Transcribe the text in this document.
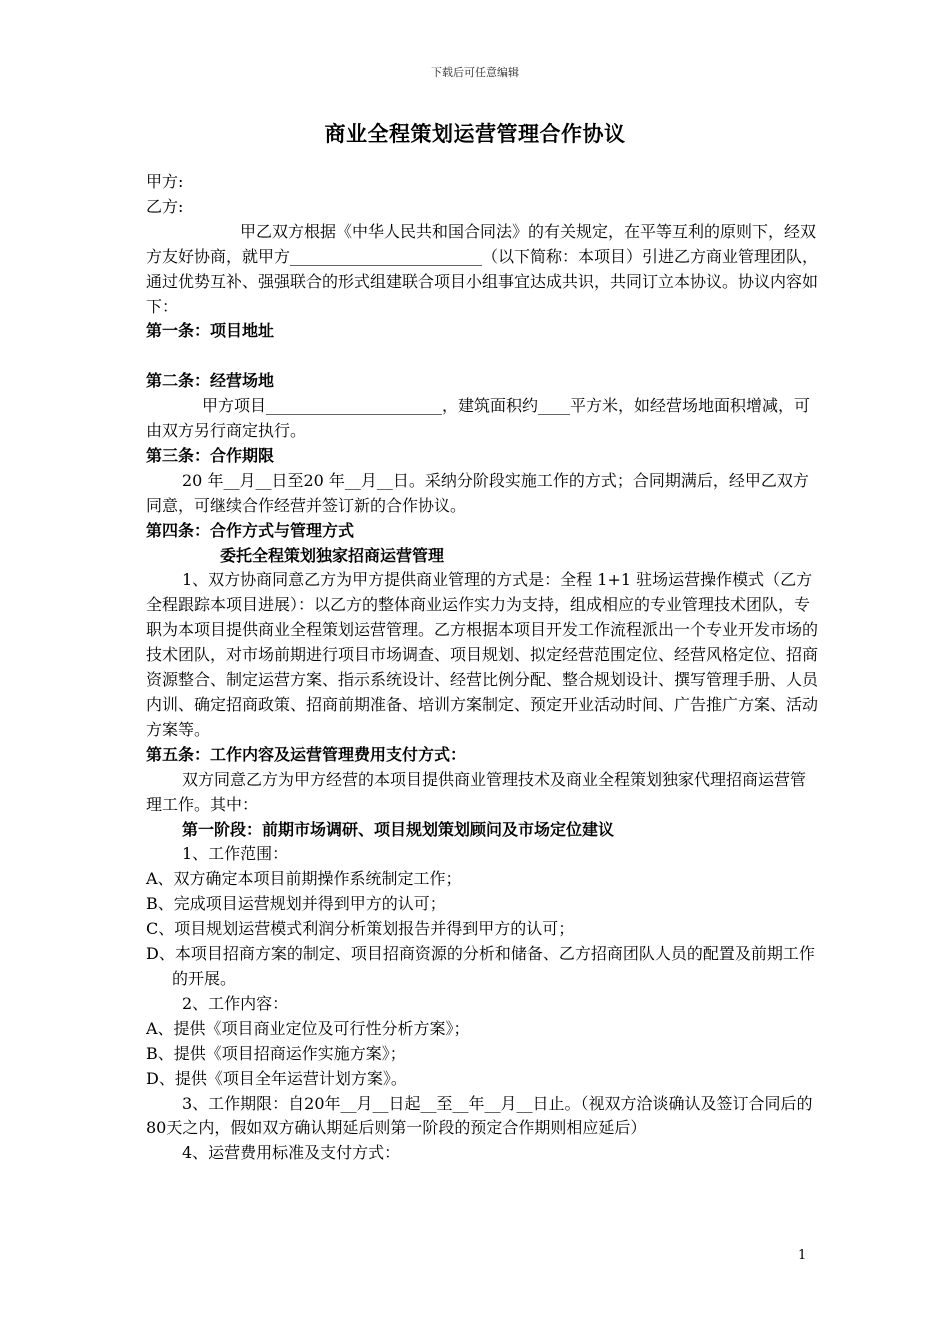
下载后可任意编辑
商业全程策划运营管理合作协议

甲方:

乙方:

甲乙双方根据《中华人民共和国合同法》的有关规定，在平等互利的原则下，经双方友好协商，就甲方________________________（以下简称：本项目）引进乙方商业管理团队，通过优势互补、强强联合的形式组建联合项目小组事宜达成共识，共同订立本协议。协议内容如下：

第一条：项目地址

第二条：经营场地

甲方项目______________________，建筑面积约____平方米，如经营场地面积增减，可由双方另行商定执行。

第三条：合作期限

20 年__月__日至20 年__月__日。采纳分阶段实施工作的方式；合同期满后，经甲乙双方同意，可继续合作经营并签订新的合作协议。

第四条：合作方式与管理方式

委托全程策划独家招商运营管理

1、双方协商同意乙方为甲方提供商业管理的方式是：全程 1+1 驻场运营操作模式（乙方全程跟踪本项目进展）：以乙方的整体商业运作实力为支持，组成相应的专业管理技术团队，专职为本项目提供商业全程策划运营管理。乙方根据本项目开发工作流程派出一个专业开发市场的技术团队，对市场前期进行项目市场调查、项目规划、拟定经营范围定位、经营风格定位、招商资源整合、制定运营方案、指示系统设计、经营比例分配、整合规划设计、撰写管理手册、人员内训、确定招商政策、招商前期准备、培训方案制定、预定开业活动时间、广告推广方案、活动方案等。

第五条：工作内容及运营管理费用支付方式：

双方同意乙方为甲方经营的本项目提供商业管理技术及商业全程策划独家代理招商运营管理工作。其中：

第一阶段：前期市场调研、项目规划策划顾问及市场定位建议

1、工作范围：

A、双方确定本项目前期操作系统制定工作；

B、完成项目运营规划并得到甲方的认可；

C、项目规划运营模式利润分析策划报告并得到甲方的认可；

D、本项目招商方案的制定、项目招商资源的分析和储备、乙方招商团队人员的配置及前期工作的开展。

2、工作内容：

A、提供《项目商业定位及可行性分析方案》；

B、提供《项目招商运作实施方案》；

D、提供《项目全年运营计划方案》。

3、工作期限：自20年__月__日起__至__年__月__日止。（视双方洽谈确认及签订合同后的80天之内，假如双方确认期延后则第一阶段的预定合作期则相应延后）

4、运营费用标准及支付方式：

1
